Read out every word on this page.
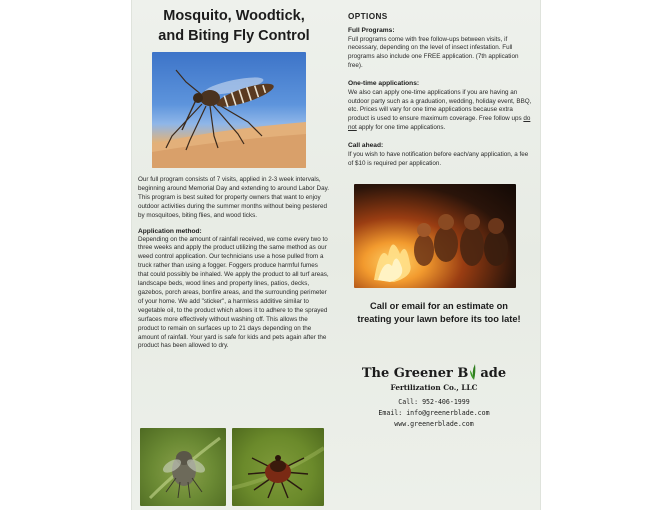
Mosquito, Woodtick,
and Biting Fly Control

Our full program consists of 7 visits, applied in 2-3 week intervals, beginning around Memorial Day and extending to around Labor Day. This program is best suited for property owners that want to enjoy outdoor activities during the summer months without being pestered by mosquitoes, biting flies, and wood ticks.

Application method:

Depending on the amount of rainfall received, we come every two to three weeks and apply the product utilizing the same method as our weed control application. Our technicians use a hose pulled from a truck rather than using a fogger. Foggers produce harmful fumes that could possibly be inhaled. We apply the product to all turf areas, landscape beds, wood lines and property lines, patios, decks, gazebos, porch areas, bonfire areas, and the surrounding perimeter of your home. We add "sticker", a harmless additive similar to vegetable oil, to the product which allows it to adhere to the sprayed surfaces more effectively without washing off. This allows the product to remain on surfaces up to 21 days depending on the amount of rainfall. Your yard is safe for kids and pets again after the product has been allowed to dry.

OPTIONS
Full Programs:

Full programs come with free follow-ups between visits, if necessary, depending on the level of insect infestation. Full programs also include one FREE application. (7th application free).

One-time applications:

We also can apply one-time applications if you are having an outdoor party such as a graduation, wedding, holiday event, BBQ, etc. Prices will vary for one time applications because extra product is used to ensure maximum coverage. Free follow ups do not apply for one time applications.

Call ahead:

If you wish to have notification before each/any application, a fee of $10 is required per application.

Call or email for an estimate on
treating your lawn before its too late!
The Greener B ade
Fertilization Co., LLC
Call: 952-406-1999
Email: info@greenerblade.com
www.greenerblade.com
